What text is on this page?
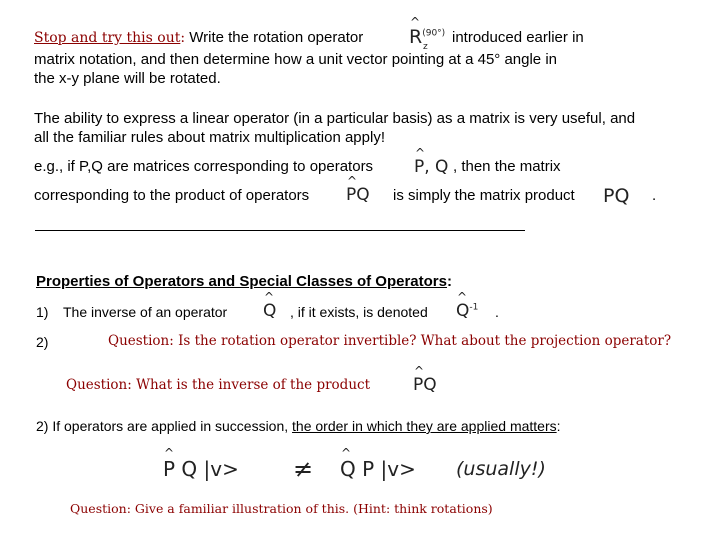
Stop and try this out: Write the rotation operator ^ $R^{(90^\circ)}$
z
introduced earlier in
matrix notation, and then determine how a unit vector pointing at a 45° angle in
the x-y plane will be rotated.
The ability to express a linear operator (in a particular basis) as a matrix is very useful, and
all the familiar rules about matrix multiplication apply!
e.g., if P,Q are matrices corresponding to operators ^ P, Q , then the matrix
corresponding to the product of operators ^ PQ is simply the matrix product PQ .
Properties of Operators and Special Classes of Operators:
1) The inverse of an operator ^ Q , if it exists, is denoted ^ $Q^{-1}$ .
2)	Question: Is the rotation operator invertible? What about the projection operator?
Question: What is the inverse of the product	^ PQ
2) If operators are applied in succession, the order in which they are applied matters:
^ P Q |v> ≠ ^ Q P |v> (usually!)
Question: Give a familiar illustration of this. (Hint: think rotations)
